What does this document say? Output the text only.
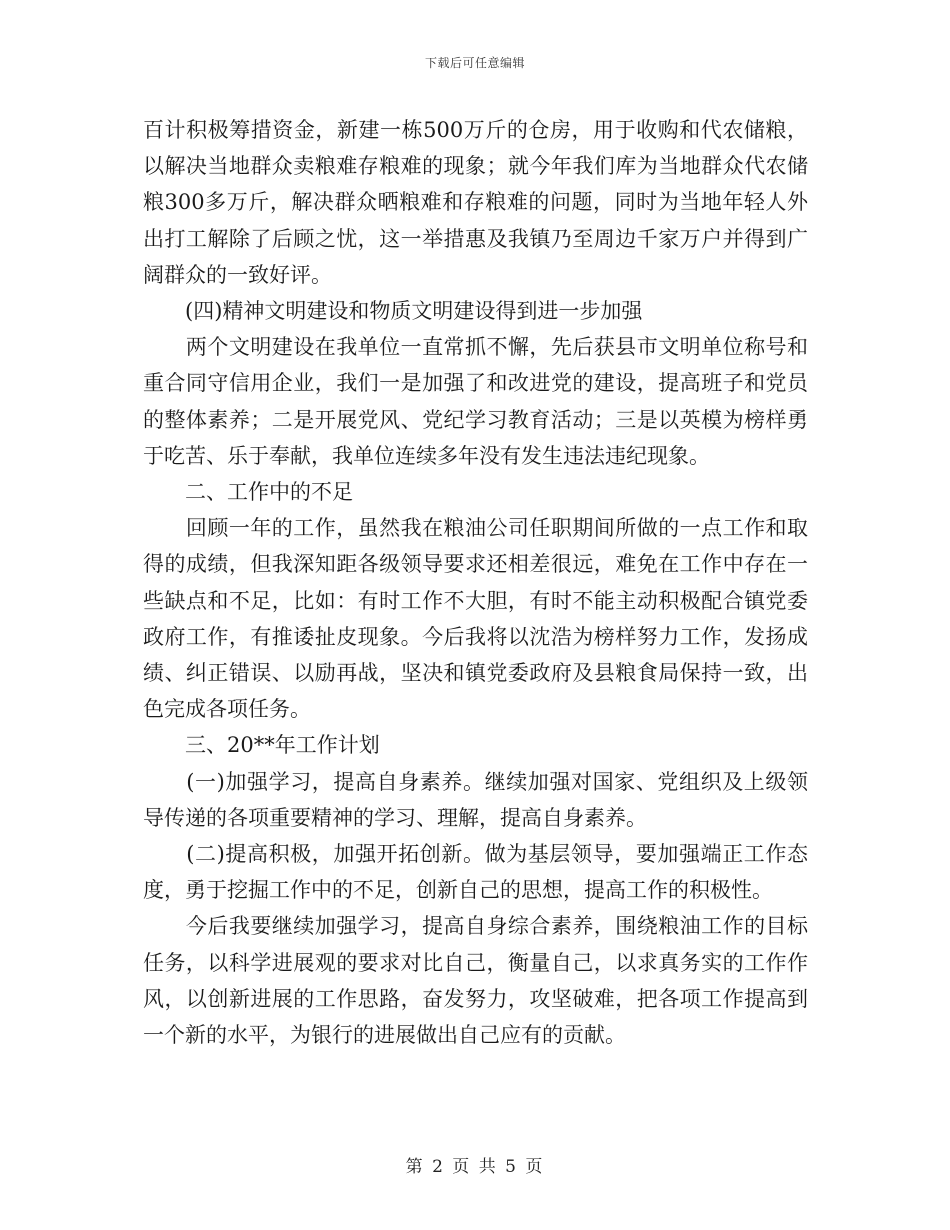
下载后可任意编辑

百计积极筹措资金，新建一栋500万斤的仓房，用于收购和代农储粮，以解决当地群众卖粮难存粮难的现象；就今年我们库为当地群众代农储粮300多万斤，解决群众晒粮难和存粮难的问题，同时为当地年轻人外出打工解除了后顾之忧，这一举措惠及我镇乃至周边千家万户并得到广阔群众的一致好评。

　　(四)精神文明建设和物质文明建设得到进一步加强

　　两个文明建设在我单位一直常抓不懈，先后获县市文明单位称号和重合同守信用企业，我们一是加强了和改进党的建设，提高班子和党员的整体素养；二是开展党风、党纪学习教育活动；三是以英模为榜样勇于吃苦、乐于奉献，我单位连续多年没有发生违法违纪现象。

　　二、工作中的不足

　　回顾一年的工作，虽然我在粮油公司任职期间所做的一点工作和取得的成绩，但我深知距各级领导要求还相差很远，难免在工作中存在一些缺点和不足，比如：有时工作不大胆，有时不能主动积极配合镇党委政府工作，有推诿扯皮现象。今后我将以沈浩为榜样努力工作，发扬成绩、纠正错误、以励再战，坚决和镇党委政府及县粮食局保持一致，出色完成各项任务。

　　三、20**年工作计划

　　(一)加强学习，提高自身素养。继续加强对国家、党组织及上级领导传递的各项重要精神的学习、理解，提高自身素养。

　　(二)提高积极，加强开拓创新。做为基层领导，要加强端正工作态度，勇于挖掘工作中的不足，创新自己的思想，提高工作的积极性。

　　今后我要继续加强学习，提高自身综合素养，围绕粮油工作的目标任务，以科学进展观的要求对比自己，衡量自己，以求真务实的工作作风，以创新进展的工作思路，奋发努力，攻坚破难，把各项工作提高到一个新的水平，为银行的进展做出自己应有的贡献。

第 2 页 共 5 页
